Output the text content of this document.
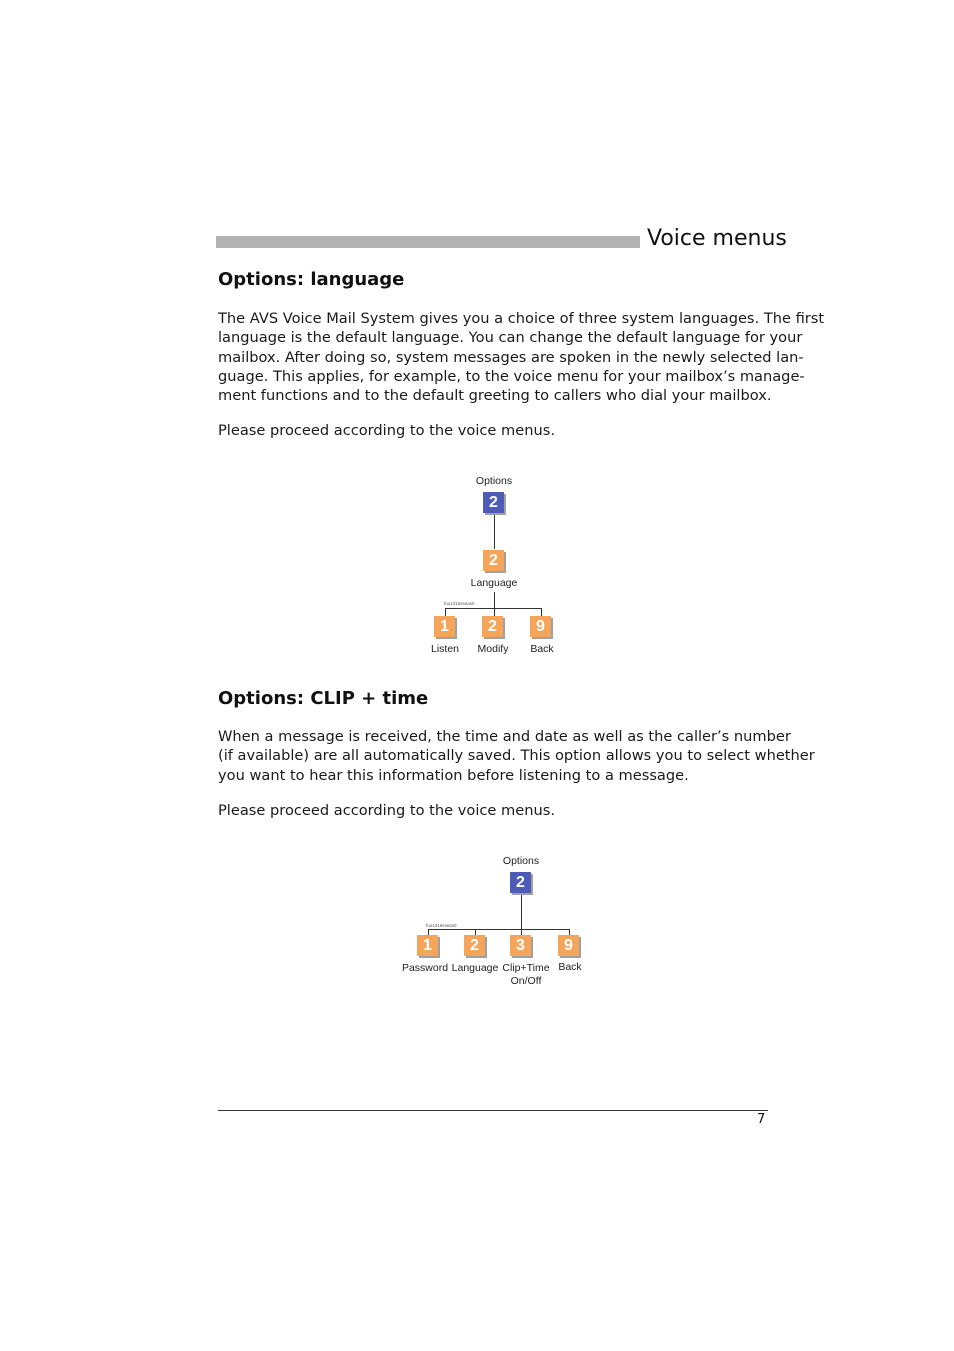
Voice menus
Options: language
The AVS Voice Mail System gives you a choice of three system languages. The first
language is the default language. You can change the default language for your
mailbox. After doing so, system messages are spoken in the newly selected lan-
guage. This applies, for example, to the voice menu for your mailbox’s manage-
ment functions and to the default greeting to callers who dial your mailbox.
Please proceed according to the voice menus.
Options
2
2
Language
fuo1315sseas0
1	2	9
Listen	Modify	Back
Options: CLIP + time
When a message is received, the time and date as well as the caller’s number
(if available) are all automatically saved. This option allows you to select whether
you want to hear this information before listening to a message.
Please proceed according to the voice menus.
Options
2
fuo1316sseas0
1	2	3	9
Password Language Clip+Time
On/Off
Back
7
